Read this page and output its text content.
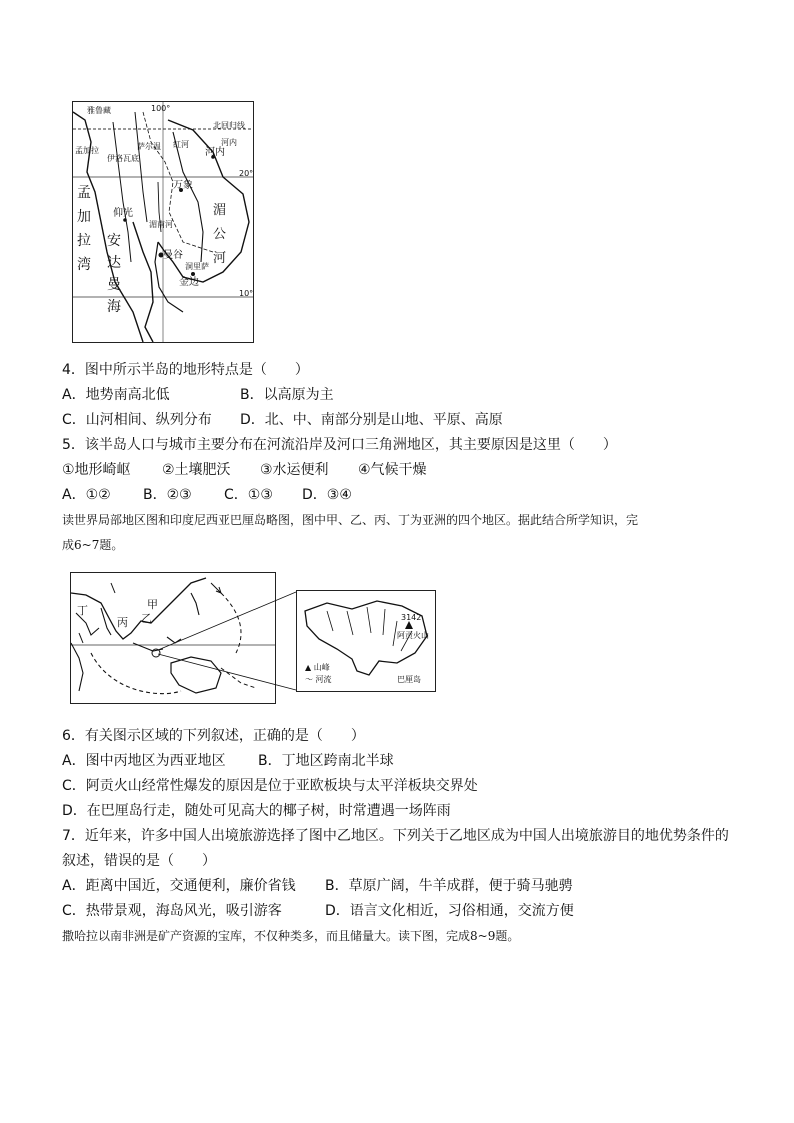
100°
北回归线
20°
10°
河内
万象
曼谷
金边
仰光
洞里萨
伊洛瓦底
萨尔温
湄南河
红河
雅鲁藏
孟加拉
河内
孟
加
拉
湾
安
达
曼
海
湄
公
河
4．图中所示半岛的地形特点是（　　）
A．地势南高北低	B．以高原为主
C．山河相间、纵列分布 D．北、中、南部分别是山地、平原、高原
5．该半岛人口与城市主要分布在河流沿岸及河口三角洲地区，其主要原因是这里（　　）
①地形崎岖 ②土壤肥沃 ③水运便利 ④气候干燥
A．①② B．②③ C．①③ D．③④
读世界局部地区图和印度尼西亚巴厘岛略图，图中甲、乙、丙、丁为亚洲的四个地区。据此结合所学知识，完
成6~7题。
甲
乙
丙
丁
3142
阿贡火山
▲ 山峰
～ 河流	巴厘岛
6．有关图示区域的下列叙述，正确的是（　　）
A．图中丙地区为西亚地区 B．丁地区跨南北半球
C．阿贡火山经常性爆发的原因是位于亚欧板块与太平洋板块交界处
D．在巴厘岛行走，随处可见高大的椰子树，时常遭遇一场阵雨
7．近年来，许多中国人出境旅游选择了图中乙地区。下列关于乙地区成为中国人出境旅游目的地优势条件的
叙述，错误的是（　　）
A．距离中国近，交通便利，廉价省钱 B．草原广阔，牛羊成群，便于骑马驰骋
C．热带景观，海岛风光，吸引游客	D．语言文化相近，习俗相通，交流方便
撒哈拉以南非洲是矿产资源的宝库，不仅种类多，而且储量大。读下图，完成8~9题。
